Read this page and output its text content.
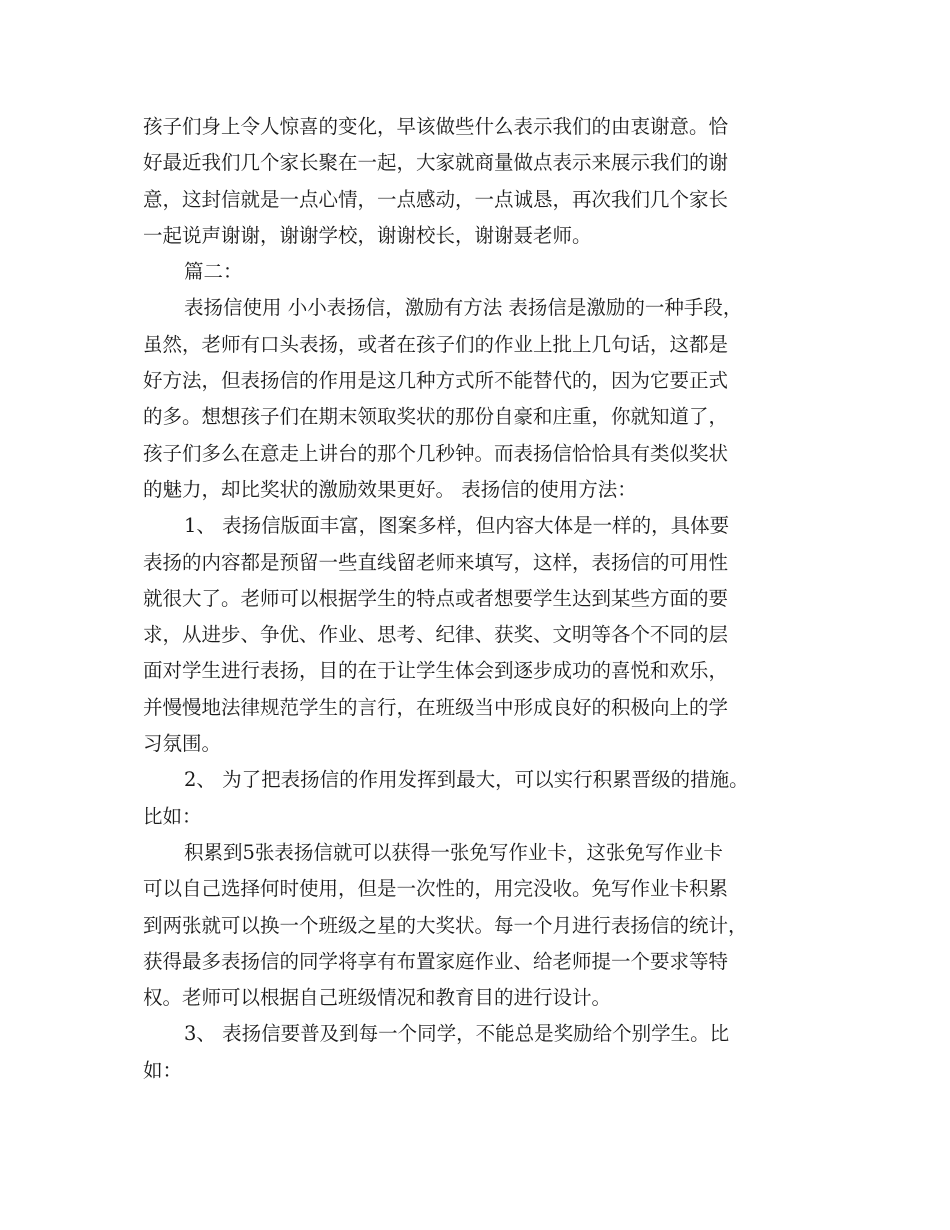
孩子们身上令人惊喜的变化，早该做些什么表示我们的由衷谢意。恰
好最近我们几个家长聚在一起，大家就商量做点表示来展示我们的谢
意，这封信就是一点心情，一点感动，一点诚恳，再次我们几个家长
一起说声谢谢，谢谢学校，谢谢校长，谢谢聂老师。
篇二：
表扬信使用 小小表扬信，激励有方法 表扬信是激励的一种手段，
虽然，老师有口头表扬，或者在孩子们的作业上批上几句话，这都是
好方法，但表扬信的作用是这几种方式所不能替代的，因为它要正式
的多。想想孩子们在期末领取奖状的那份自豪和庄重，你就知道了，
孩子们多么在意走上讲台的那个几秒钟。而表扬信恰恰具有类似奖状
的魅力，却比奖状的激励效果更好。 表扬信的使用方法：
1、 表扬信版面丰富，图案多样，但内容大体是一样的，具体要
表扬的内容都是预留一些直线留老师来填写，这样，表扬信的可用性
就很大了。老师可以根据学生的特点或者想要学生达到某些方面的要
求，从进步、争优、作业、思考、纪律、获奖、文明等各个不同的层
面对学生进行表扬，目的在于让学生体会到逐步成功的喜悦和欢乐，
并慢慢地法律规范学生的言行，在班级当中形成良好的积极向上的学
习氛围。
2、 为了把表扬信的作用发挥到最大，可以实行积累晋级的措施。
比如：
积累到5张表扬信就可以获得一张免写作业卡，这张免写作业卡
可以自己选择何时使用，但是一次性的，用完没收。免写作业卡积累
到两张就可以换一个班级之星的大奖状。每一个月进行表扬信的统计，
获得最多表扬信的同学将享有布置家庭作业、给老师提一个要求等特
权。老师可以根据自己班级情况和教育目的进行设计。
3、 表扬信要普及到每一个同学，不能总是奖励给个别学生。比
如：
